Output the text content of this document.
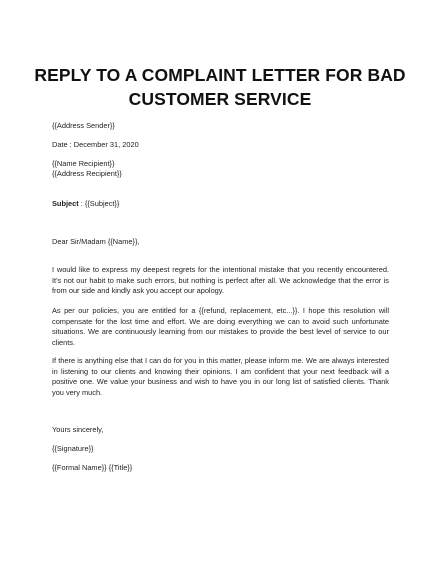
REPLY TO A COMPLAINT LETTER FOR BAD
CUSTOMER SERVICE
{{Address Sender}}
Date : December 31, 2020
{{Name Recipient}}
{{Address Recipient}}
Subject : {{Subject}}
Dear Sir/Madam {{Name}},
I would like to express my deepest regrets for the intentional mistake that you recently encountered. It's not our habit to make such errors, but nothing is perfect after all. We acknowledge that the error is from our side and kindly ask you accept our apology.
As per our policies, you are entitled for a {{refund, replacement, etc...}}. I hope this resolution will compensate for the lost time and effort. We are doing everything we can to avoid such unfortunate situations. We are continuously learning from our mistakes to provide the best level of service to our clients.
If there is anything else that I can do for you in this matter, please inform me. We are always interested in listening to our clients and knowing their opinions. I am confident that your next feedback will a positive one. We value your business and wish to have you in our long list of satisfied clients. Thank you very much.
Yours sincerely,
{{Signature}}
{{Formal Name}} {{Title}}
